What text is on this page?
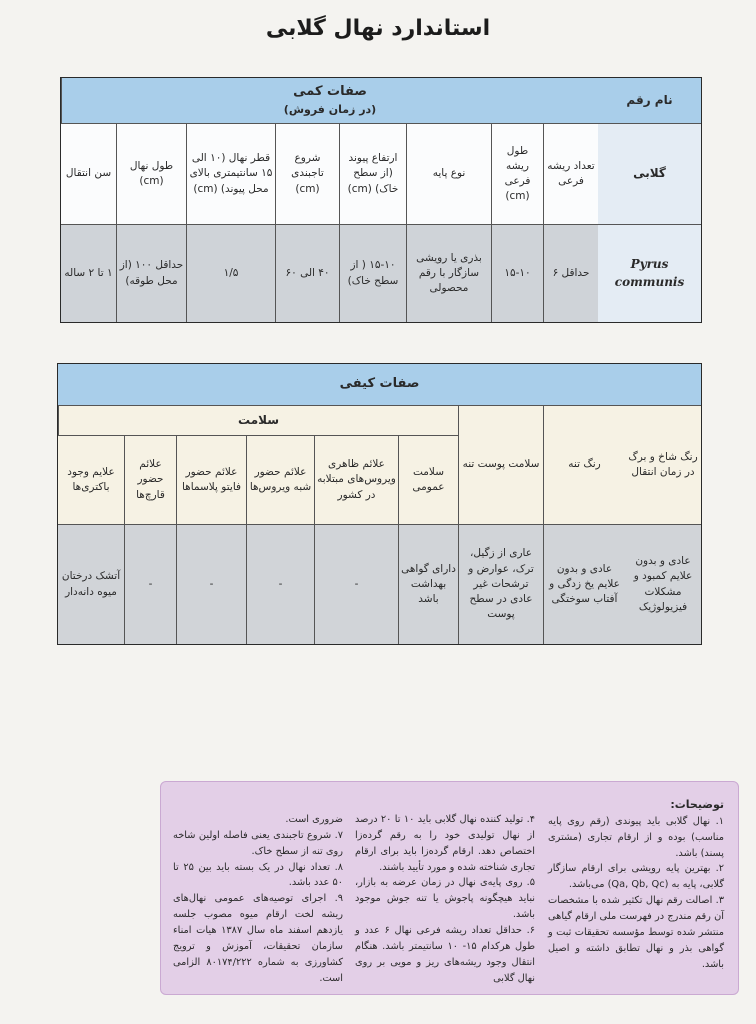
استاندارد نهال گلابی
نام رقم
گلابی
Pyrus communis
صفات کمی
(در زمان فروش)
تعداد ریشه فرعی
طول ریشه فرعی (cm)
نوع پایه
ارتفاع پیوند (از سطح خاک) (cm)
شروع تاجبندی (cm)
قطر نهال (۱۰ الی ۱۵ سانتیمتری بالای محل پیوند) (cm)
طول نهال (cm)
سن انتقال
حداقل ۶
۱۵-۱۰
بذری یا رویشی سازگار با رقم محصولی
۱۵-۱۰ ( از سطح خاک)
۴۰ الی ۶۰
۱/۵
حداقل ۱۰۰ (از محل طوقه)
۱ تا ۲ ساله
صفات کیفی
سلامت
رنگ شاخ و برگ در زمان انتقال
رنگ تنه
سلامت پوست تنه
سلامت عمومی
علائم ظاهری ویروس‌های مبتلابه در کشور
علائم حضور شبه ویروس‌ها
علائم حضور فایتو پلاسماها
علائم حضور قارچ‌ها
علایم وجود باکتری‌ها
عادی و بدون علایم کمبود و مشکلات فیزیولوژیک
عادی و بدون علایم یخ زدگی و آفتاب سوختگی
عاری از زگیل، ترک، عوارض و ترشحات غیر عادی در سطح پوست
دارای گواهی بهداشت باشد
-
-
-
-
آتشک درختان میوه دانه‌دار

توضیحات:

۱. نهال گلابی باید پیوندی (رقم روی پایه مناسب) بوده و از ارقام تجاری (مشتری پسند) باشد.

۲. بهترین پایه رویشی برای ارقام سازگار گلابی، پایه به (Qa, Qb, Qc) می‌باشد.

۳. اصالت رقم نهال تکثیر شده با مشخصات آن رقم مندرج در فهرست ملی ارقام گیاهی منتشر شده توسط مؤسسه تحقیقات ثبت و گواهی بذر و نهال تطابق داشته و اصیل باشد.

۴. تولید کننده نهال گلابی باید ۱۰ تا ۲۰ درصد از نهال تولیدی خود را به رقم گرده‌زا اختصاص دهد. ارقام گرده‌زا باید برای ارقام تجاری شناخته شده و مورد تأیید باشند.

۵. روی پایه‌ی نهال در زمان عرضه به بازار، نباید هیچگونه پاجوش یا تنه جوش موجود باشد.

۶. حداقل تعداد ریشه فرعی نهال ۶ عدد و طول هرکدام ۱۵- ۱۰ سانتیمتر باشد. هنگام انتقال وجود ریشه‌های ریز و مویی بر روی نهال گلابی

ضروری است.

۷. شروع تاجبندی یعنی فاصله اولین شاخه روی تنه از سطح خاک.

۸. تعداد نهال در یک بسته باید بین ۲۵ تا ۵۰ عدد باشد.

۹. اجرای توصیه‌های عمومی نهال‌های ریشه لخت ارقام میوه مصوب جلسه یازدهم اسفند ماه سال ۱۳۸۷ هیات امناء سازمان تحقیقات، آموزش و ترویج کشاورزی به شماره ۸۰۱۷۴/۲۲۲ الزامی است.
